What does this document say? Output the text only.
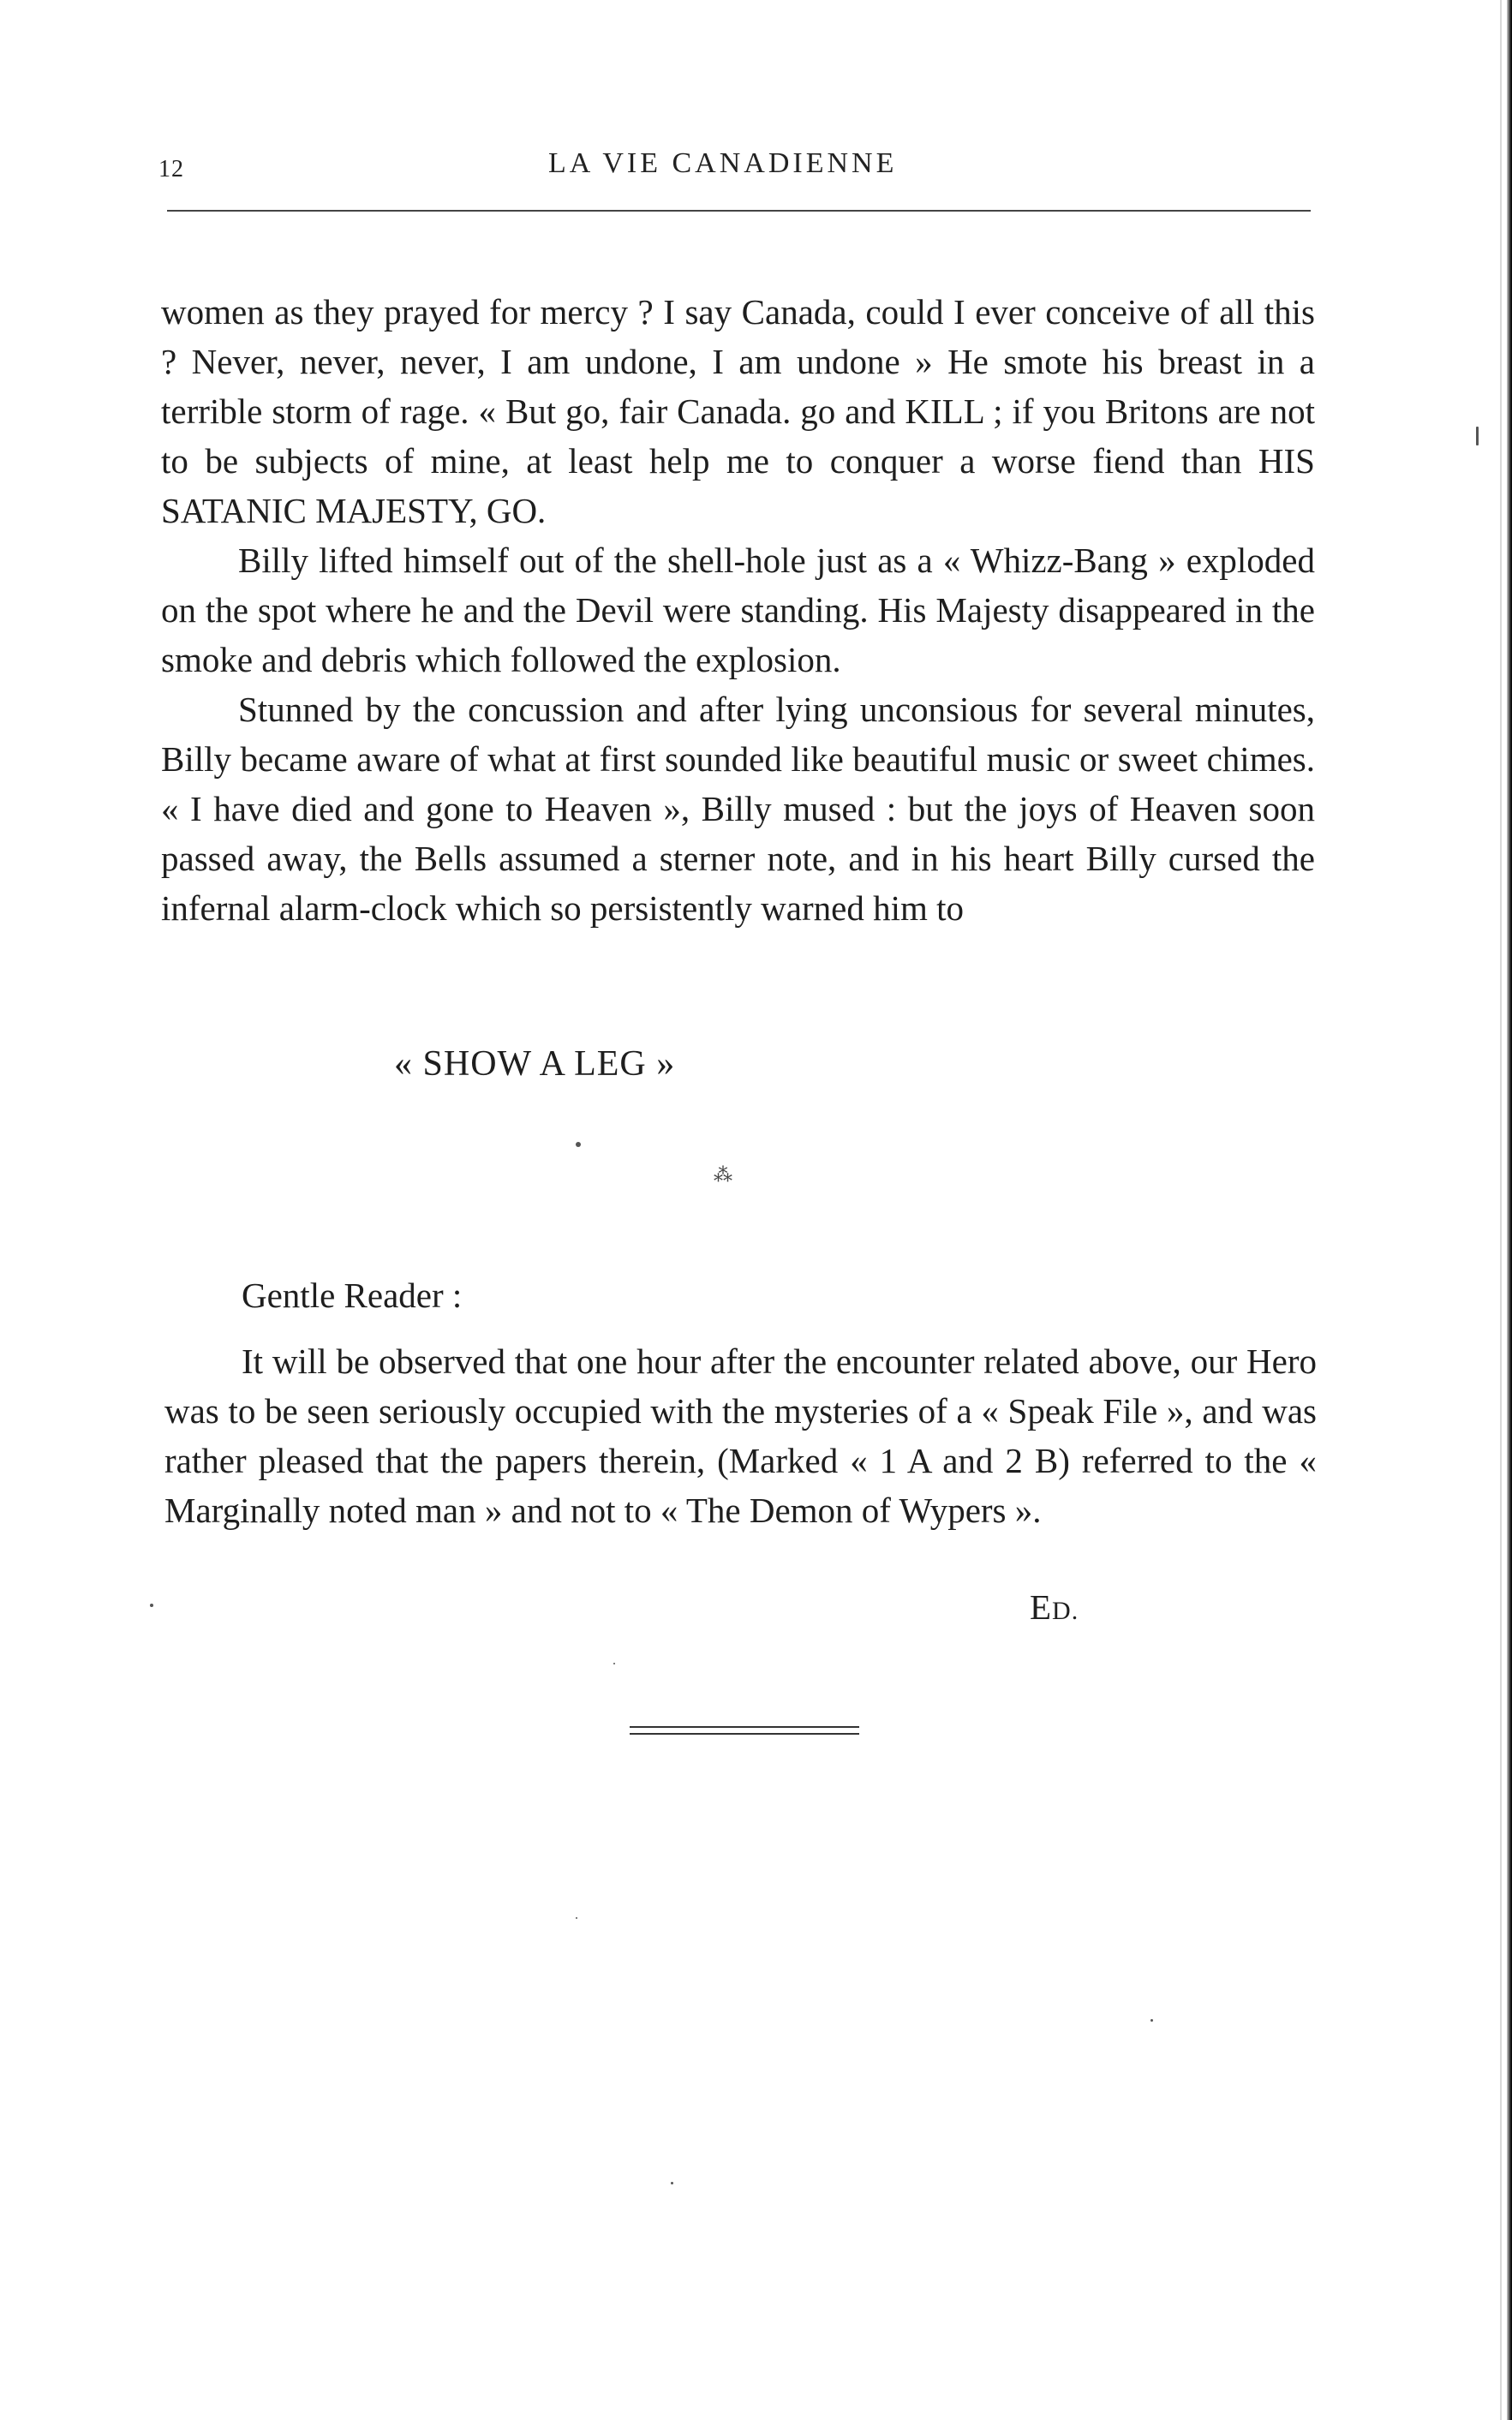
12	LA VIE CANADIENNE

women as they prayed for mercy ? I say Canada, could I ever conceive of all this ? Never, never, never, I am undone, I am undone » He smote his breast in a terrible storm of rage. « But go, fair Canada. go and KILL ; if you Britons are not to be subjects of mine, at least help me to conquer a worse fiend than HIS SATANIC MAJESTY, GO.

Billy lifted himself out of the shell-hole just as a « Whizz-Bang » exploded on the spot where he and the Devil were standing. His Majesty disappeared in the smoke and debris which followed the explosion.

Stunned by the concussion and after lying unconsious for several minutes, Billy became aware of what at first sounded like beautiful music or sweet chimes. « I have died and gone to Heaven », Billy mused : but the joys of Heaven soon passed away, the Bells assumed a sterner note, and in his heart Billy cursed the infernal alarm-clock which so persistently warned him to

« SHOW A LEG »
⁂
Gentle Reader :

It will be observed that one hour after the encounter related above, our Hero was to be seen seriously occupied with the mysteries of a « Speak File », and was rather pleased that the papers therein, (Marked « 1 A and 2 B) referred to the « Marginally noted man » and not to « The Demon of Wypers ».

ED.
